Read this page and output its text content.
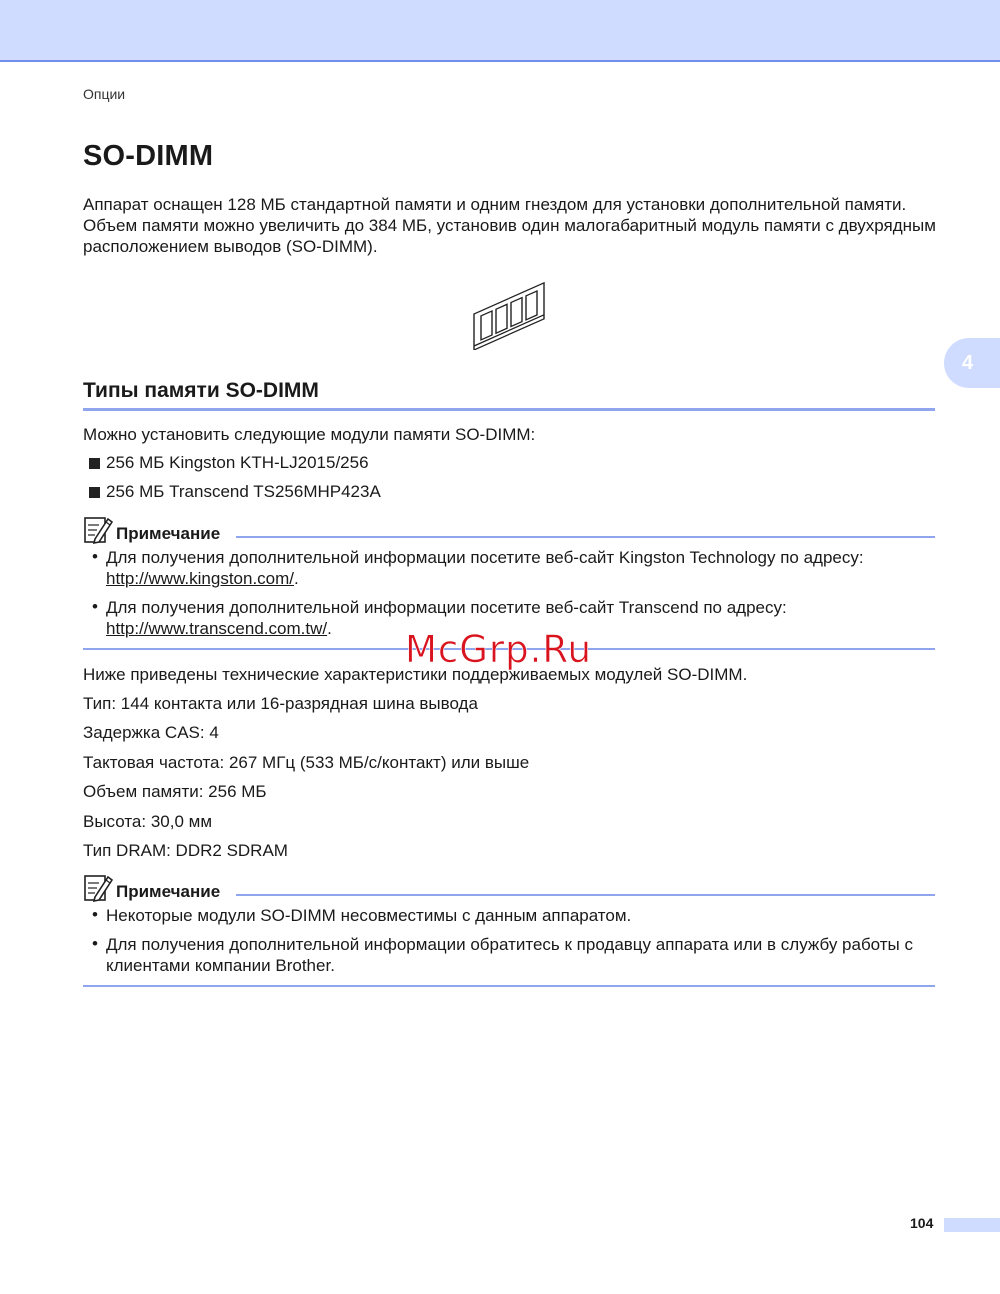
Опции
SO-DIMM
Аппарат оснащен 128 МБ стандартной памяти и одним гнездом для установки дополнительной памяти. Объем памяти можно увеличить до 384 МБ, установив один малогабаритный модуль памяти с двухрядным расположением выводов (SO-DIMM).
4
Типы памяти SO-DIMM
Можно установить следующие модули памяти SO-DIMM:
256 МБ Kingston KTH-LJ2015/256
256 МБ Transcend TS256MHP423A
Примечание
• Для получения дополнительной информации посетите веб-сайт Kingston Technology по адресу:
http://www.kingston.com/.
• Для получения дополнительной информации посетите веб-сайт Transcend по адресу:
http://www.transcend.com.tw/.
Ниже приведены технические характеристики поддерживаемых модулей SO-DIMM.
Тип: 144 контакта или 16-разрядная шина вывода
Задержка CAS: 4
Тактовая частота: 267 МГц (533 МБ/с/контакт) или выше
Объем памяти: 256 МБ
Высота: 30,0 мм
Тип DRAM: DDR2 SDRAM
Примечание
• Некоторые модули SO-DIMM несовместимы с данным аппаратом.
• Для получения дополнительной информации обратитесь к продавцу аппарата или в службу работы с клиентами компании Brother.
McGrp.Ru
104
